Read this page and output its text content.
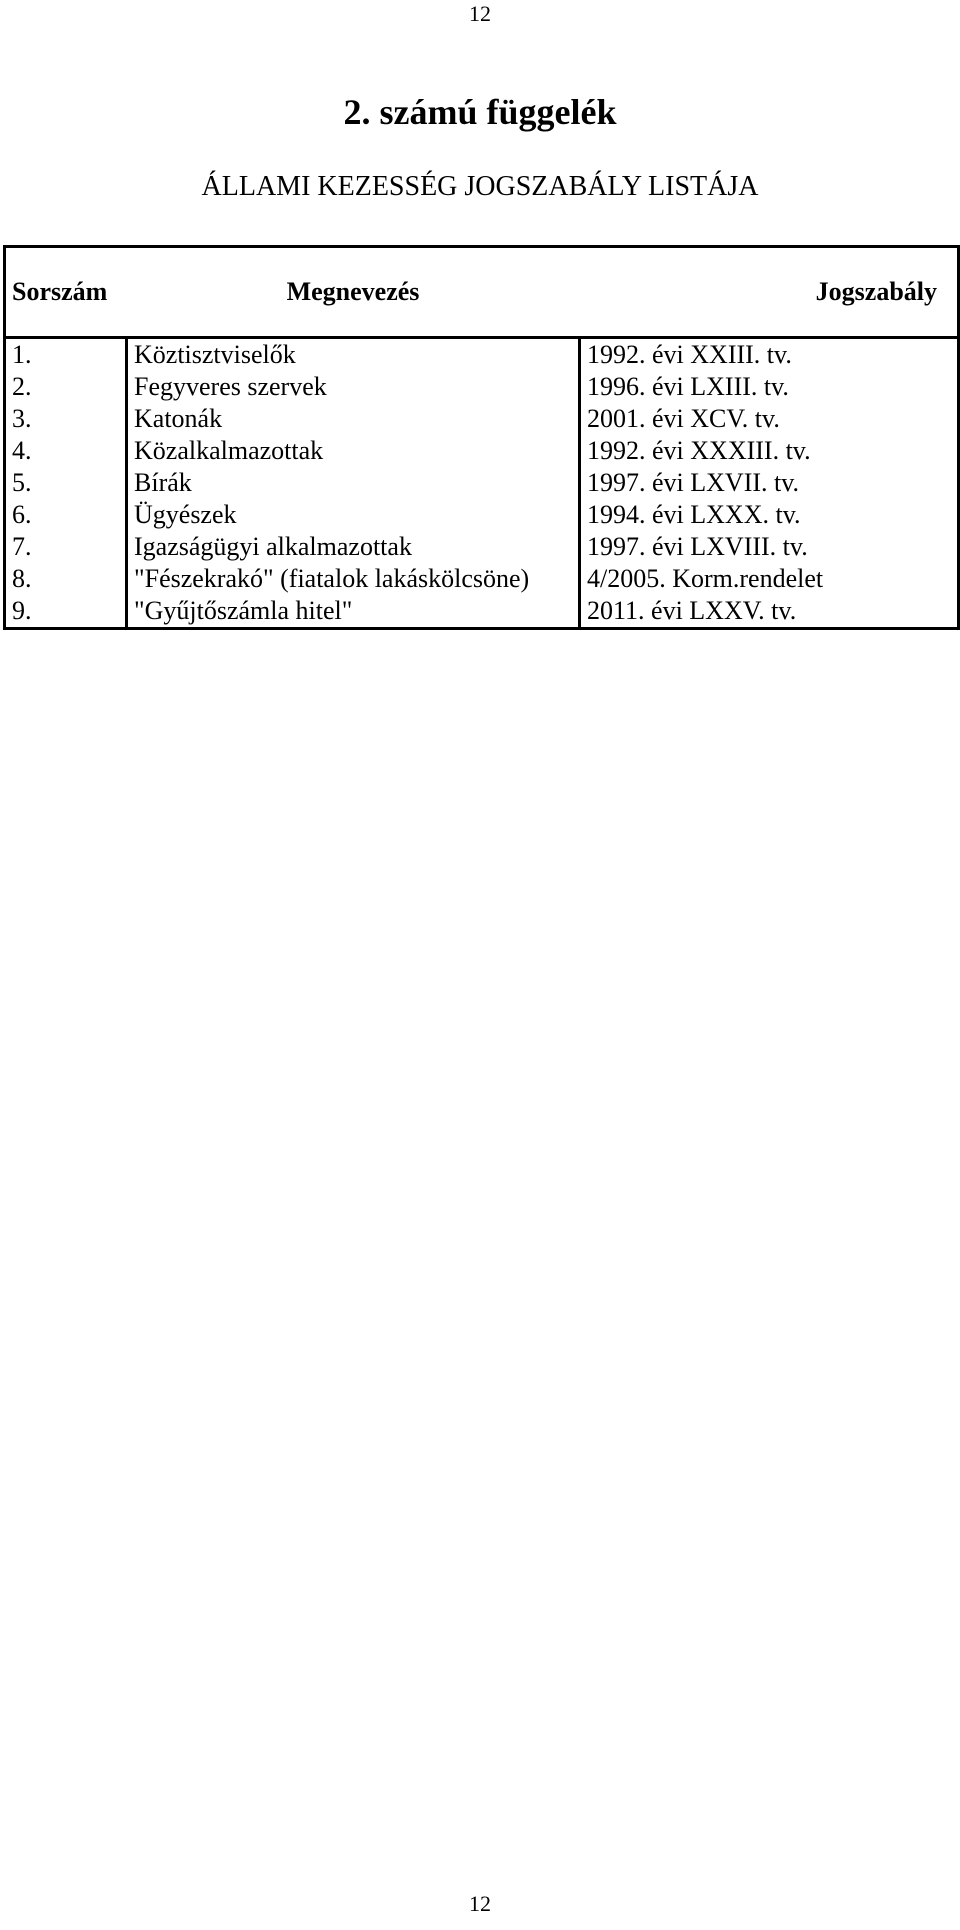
12
2. számú függelék
ÁLLAMI KEZESSÉG JOGSZABÁLY LISTÁJA
Sorszám	Megnevezés	Jogszabály
1.	Köztisztviselők	1992. évi XXIII. tv.
2.	Fegyveres szervek	1996. évi LXIII. tv.
3.	Katonák	2001. évi XCV. tv.
4.	Közalkalmazottak	1992. évi XXXIII. tv.
5.	Bírák	1997. évi LXVII. tv.
6.	Ügyészek	1994. évi LXXX. tv.
7.	Igazságügyi alkalmazottak	1997. évi LXVIII. tv.
8.	"Fészekrakó" (fiatalok lakáskölcsöne)	4/2005. Korm.rendelet
9.	"Gyűjtőszámla hitel"	2011. évi LXXV. tv.
12
